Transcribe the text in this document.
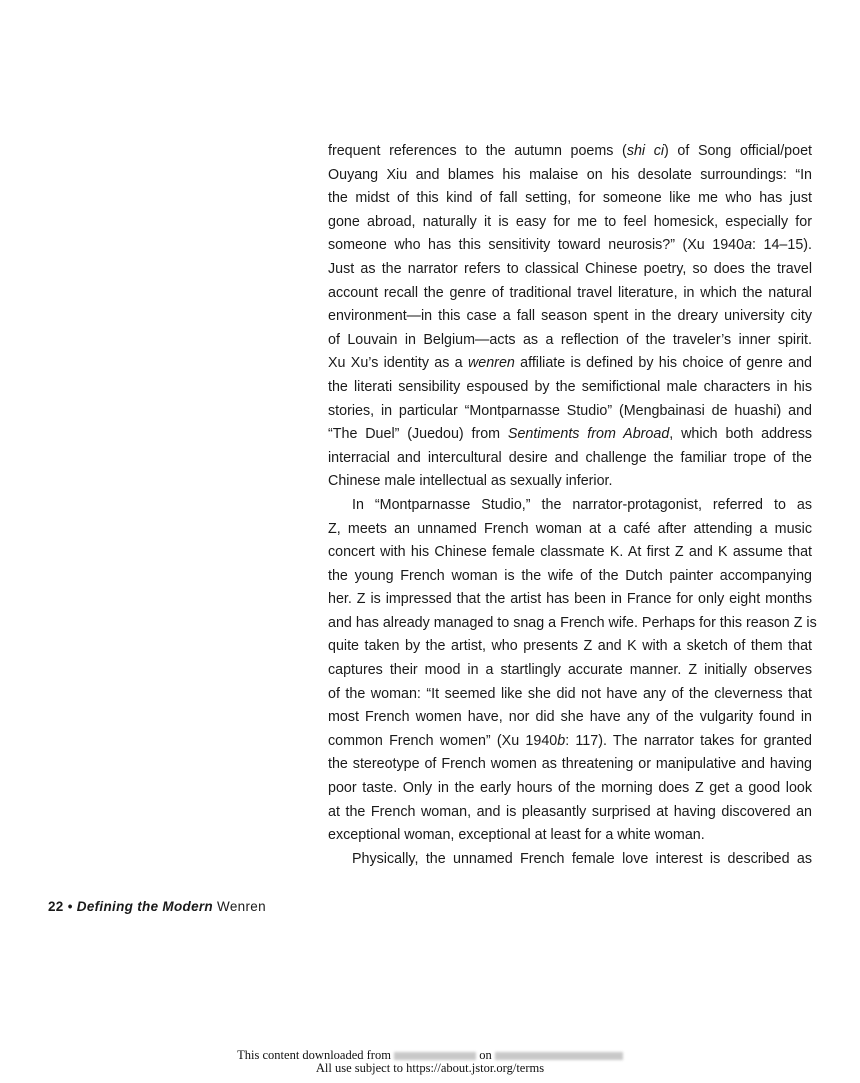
frequent references to the autumn poems (shi ci) of Song official/poet
Ouyang Xiu and blames his malaise on his desolate surroundings: “In
the midst of this kind of fall setting, for someone like me who has just
gone abroad, naturally it is easy for me to feel homesick, especially for
someone who has this sensitivity toward neurosis?” (Xu 1940a: 14–15).
Just as the narrator refers to classical Chinese poetry, so does the travel
account recall the genre of traditional travel literature, in which the natural
environment—in this case a fall season spent in the dreary university city
of Louvain in Belgium—acts as a reflection of the traveler’s inner spirit.
Xu Xu’s identity as a wenren affiliate is defined by his choice of genre and
the literati sensibility espoused by the semifictional male characters in his
stories, in particular “Montparnasse Studio” (Mengbainasi de huashi) and
“The Duel” (Juedou) from Sentiments from Abroad, which both address
interracial and intercultural desire and challenge the familiar trope of the
Chinese male intellectual as sexually inferior.
In “Montparnasse Studio,” the narrator-protagonist, referred to as
Z, meets an unnamed French woman at a café after attending a music
concert with his Chinese female classmate K. At first Z and K assume that
the young French woman is the wife of the Dutch painter accompanying
her. Z is impressed that the artist has been in France for only eight months
and has already managed to snag a French wife. Perhaps for this reason Z is
quite taken by the artist, who presents Z and K with a sketch of them that
captures their mood in a startlingly accurate manner. Z initially observes
of the woman: “It seemed like she did not have any of the cleverness that
most French women have, nor did she have any of the vulgarity found in
common French women” (Xu 1940b: 117). The narrator takes for granted
the stereotype of French women as threatening or manipulative and having
poor taste. Only in the early hours of the morning does Z get a good look
at the French woman, and is pleasantly surprised at having discovered an
exceptional woman, exceptional at least for a white woman.
Physically, the unnamed French female love interest is described as
22 • Defining the Modern Wenren
This content downloaded from	on
All use subject to https://about.jstor.org/terms
